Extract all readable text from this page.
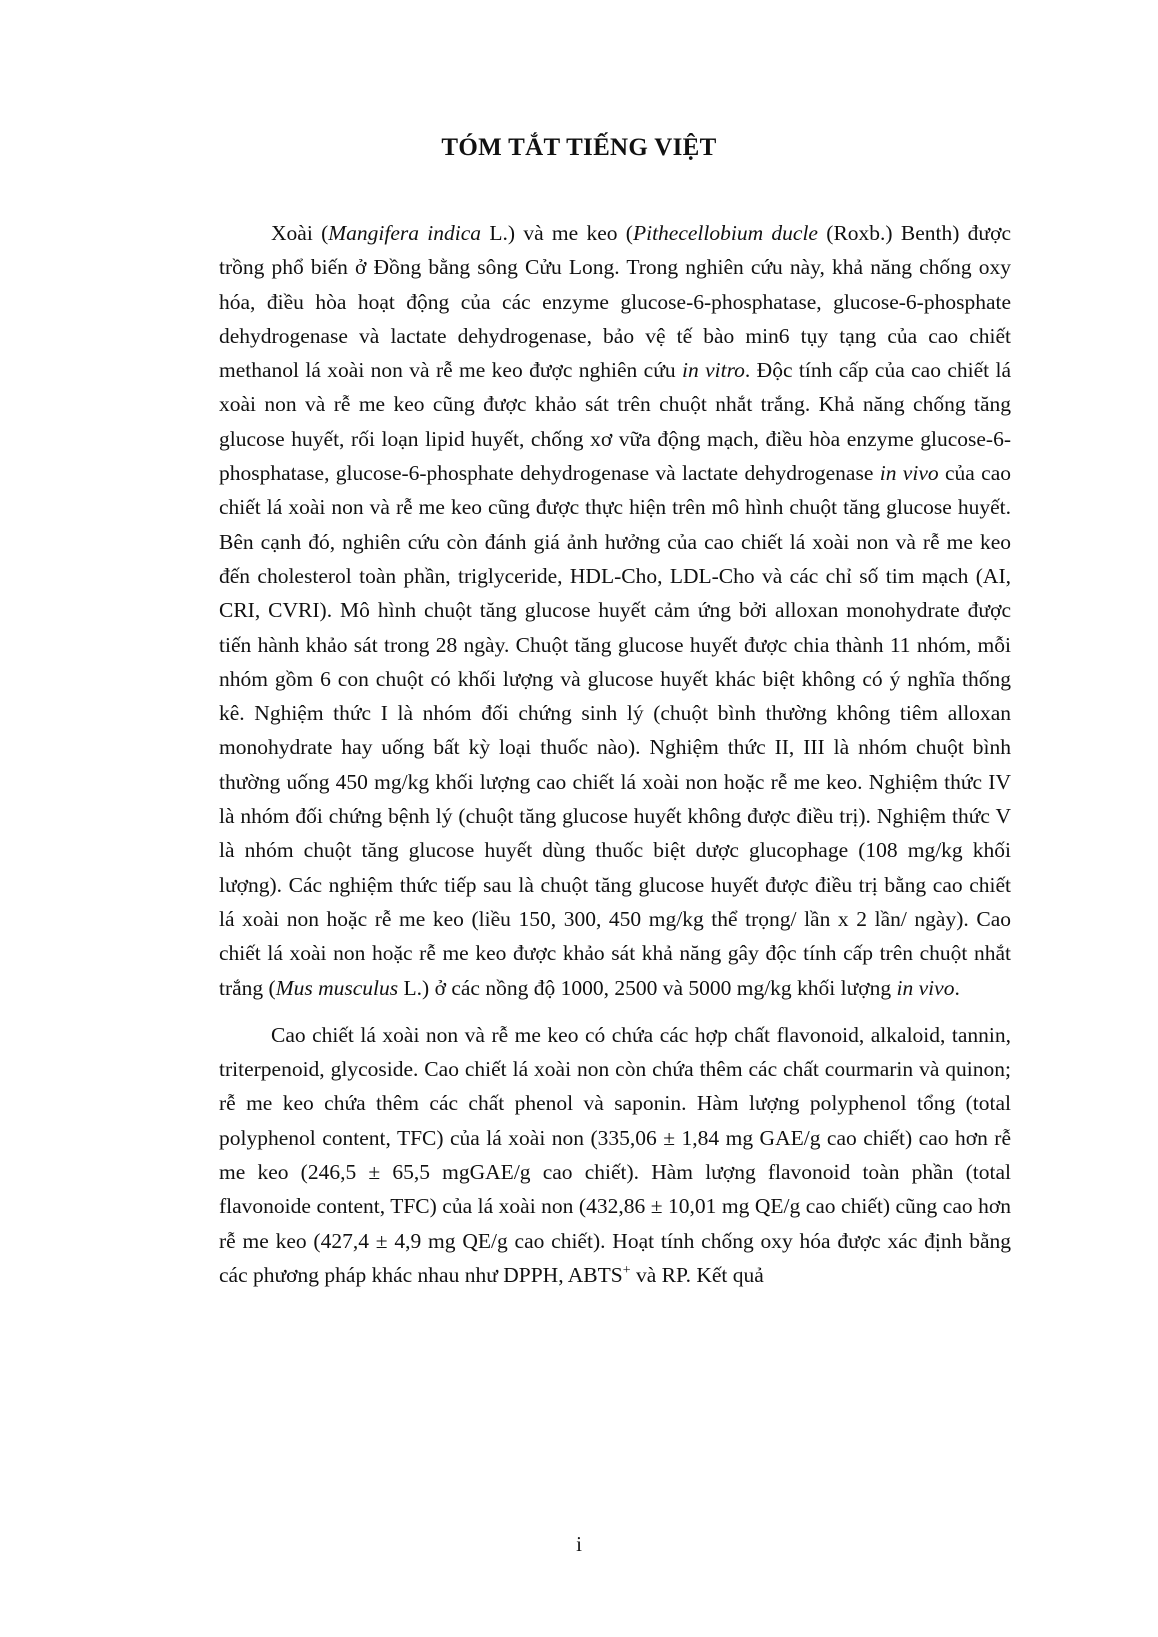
TÓM TẮT TIẾNG VIỆT

Xoài (Mangifera indica L.) và me keo (Pithecellobium ducle (Roxb.) Benth) được trồng phổ biến ở Đồng bằng sông Cửu Long. Trong nghiên cứu này, khả năng chống oxy hóa, điều hòa hoạt động của các enzyme glucose-6-phosphatase, glucose-6-phosphate dehydrogenase và lactate dehydrogenase, bảo vệ tế bào min6 tụy tạng của cao chiết methanol lá xoài non và rễ me keo được nghiên cứu in vitro. Độc tính cấp của cao chiết lá xoài non và rễ me keo cũng được khảo sát trên chuột nhắt trắng. Khả năng chống tăng glucose huyết, rối loạn lipid huyết, chống xơ vữa động mạch, điều hòa enzyme glucose-6-phosphatase, glucose-6-phosphate dehydrogenase và lactate dehydrogenase in vivo của cao chiết lá xoài non và rễ me keo cũng được thực hiện trên mô hình chuột tăng glucose huyết. Bên cạnh đó, nghiên cứu còn đánh giá ảnh hưởng của cao chiết lá xoài non và rễ me keo đến cholesterol toàn phần, triglyceride, HDL-Cho, LDL-Cho và các chỉ số tim mạch (AI, CRI, CVRI). Mô hình chuột tăng glucose huyết cảm ứng bởi alloxan monohydrate được tiến hành khảo sát trong 28 ngày. Chuột tăng glucose huyết được chia thành 11 nhóm, mỗi nhóm gồm 6 con chuột có khối lượng và glucose huyết khác biệt không có ý nghĩa thống kê. Nghiệm thức I là nhóm đối chứng sinh lý (chuột bình thường không tiêm alloxan monohydrate hay uống bất kỳ loại thuốc nào). Nghiệm thức II, III là nhóm chuột bình thường uống 450 mg/kg khối lượng cao chiết lá xoài non hoặc rễ me keo. Nghiệm thức IV là nhóm đối chứng bệnh lý (chuột tăng glucose huyết không được điều trị). Nghiệm thức V là nhóm chuột tăng glucose huyết dùng thuốc biệt dược glucophage (108 mg/kg khối lượng). Các nghiệm thức tiếp sau là chuột tăng glucose huyết được điều trị bằng cao chiết lá xoài non hoặc rễ me keo (liều 150, 300, 450 mg/kg thể trọng/ lần x 2 lần/ ngày). Cao chiết lá xoài non hoặc rễ me keo được khảo sát khả năng gây độc tính cấp trên chuột nhắt trắng (Mus musculus L.) ở các nồng độ 1000, 2500 và 5000 mg/kg khối lượng in vivo.

Cao chiết lá xoài non và rễ me keo có chứa các hợp chất flavonoid, alkaloid, tannin, triterpenoid, glycoside. Cao chiết lá xoài non còn chứa thêm các chất courmarin và quinon; rễ me keo chứa thêm các chất phenol và saponin. Hàm lượng polyphenol tổng (total polyphenol content, TFC) của lá xoài non (335,06 ± 1,84 mg GAE/g cao chiết) cao hơn rễ me keo (246,5 ± 65,5 mgGAE/g cao chiết). Hàm lượng flavonoid toàn phần (total flavonoide content, TFC) của lá xoài non (432,86 ± 10,01 mg QE/g cao chiết) cũng cao hơn rễ me keo (427,4 ± 4,9 mg QE/g cao chiết). Hoạt tính chống oxy hóa được xác định bằng các phương pháp khác nhau như DPPH, ABTS+ và RP. Kết quả

i
